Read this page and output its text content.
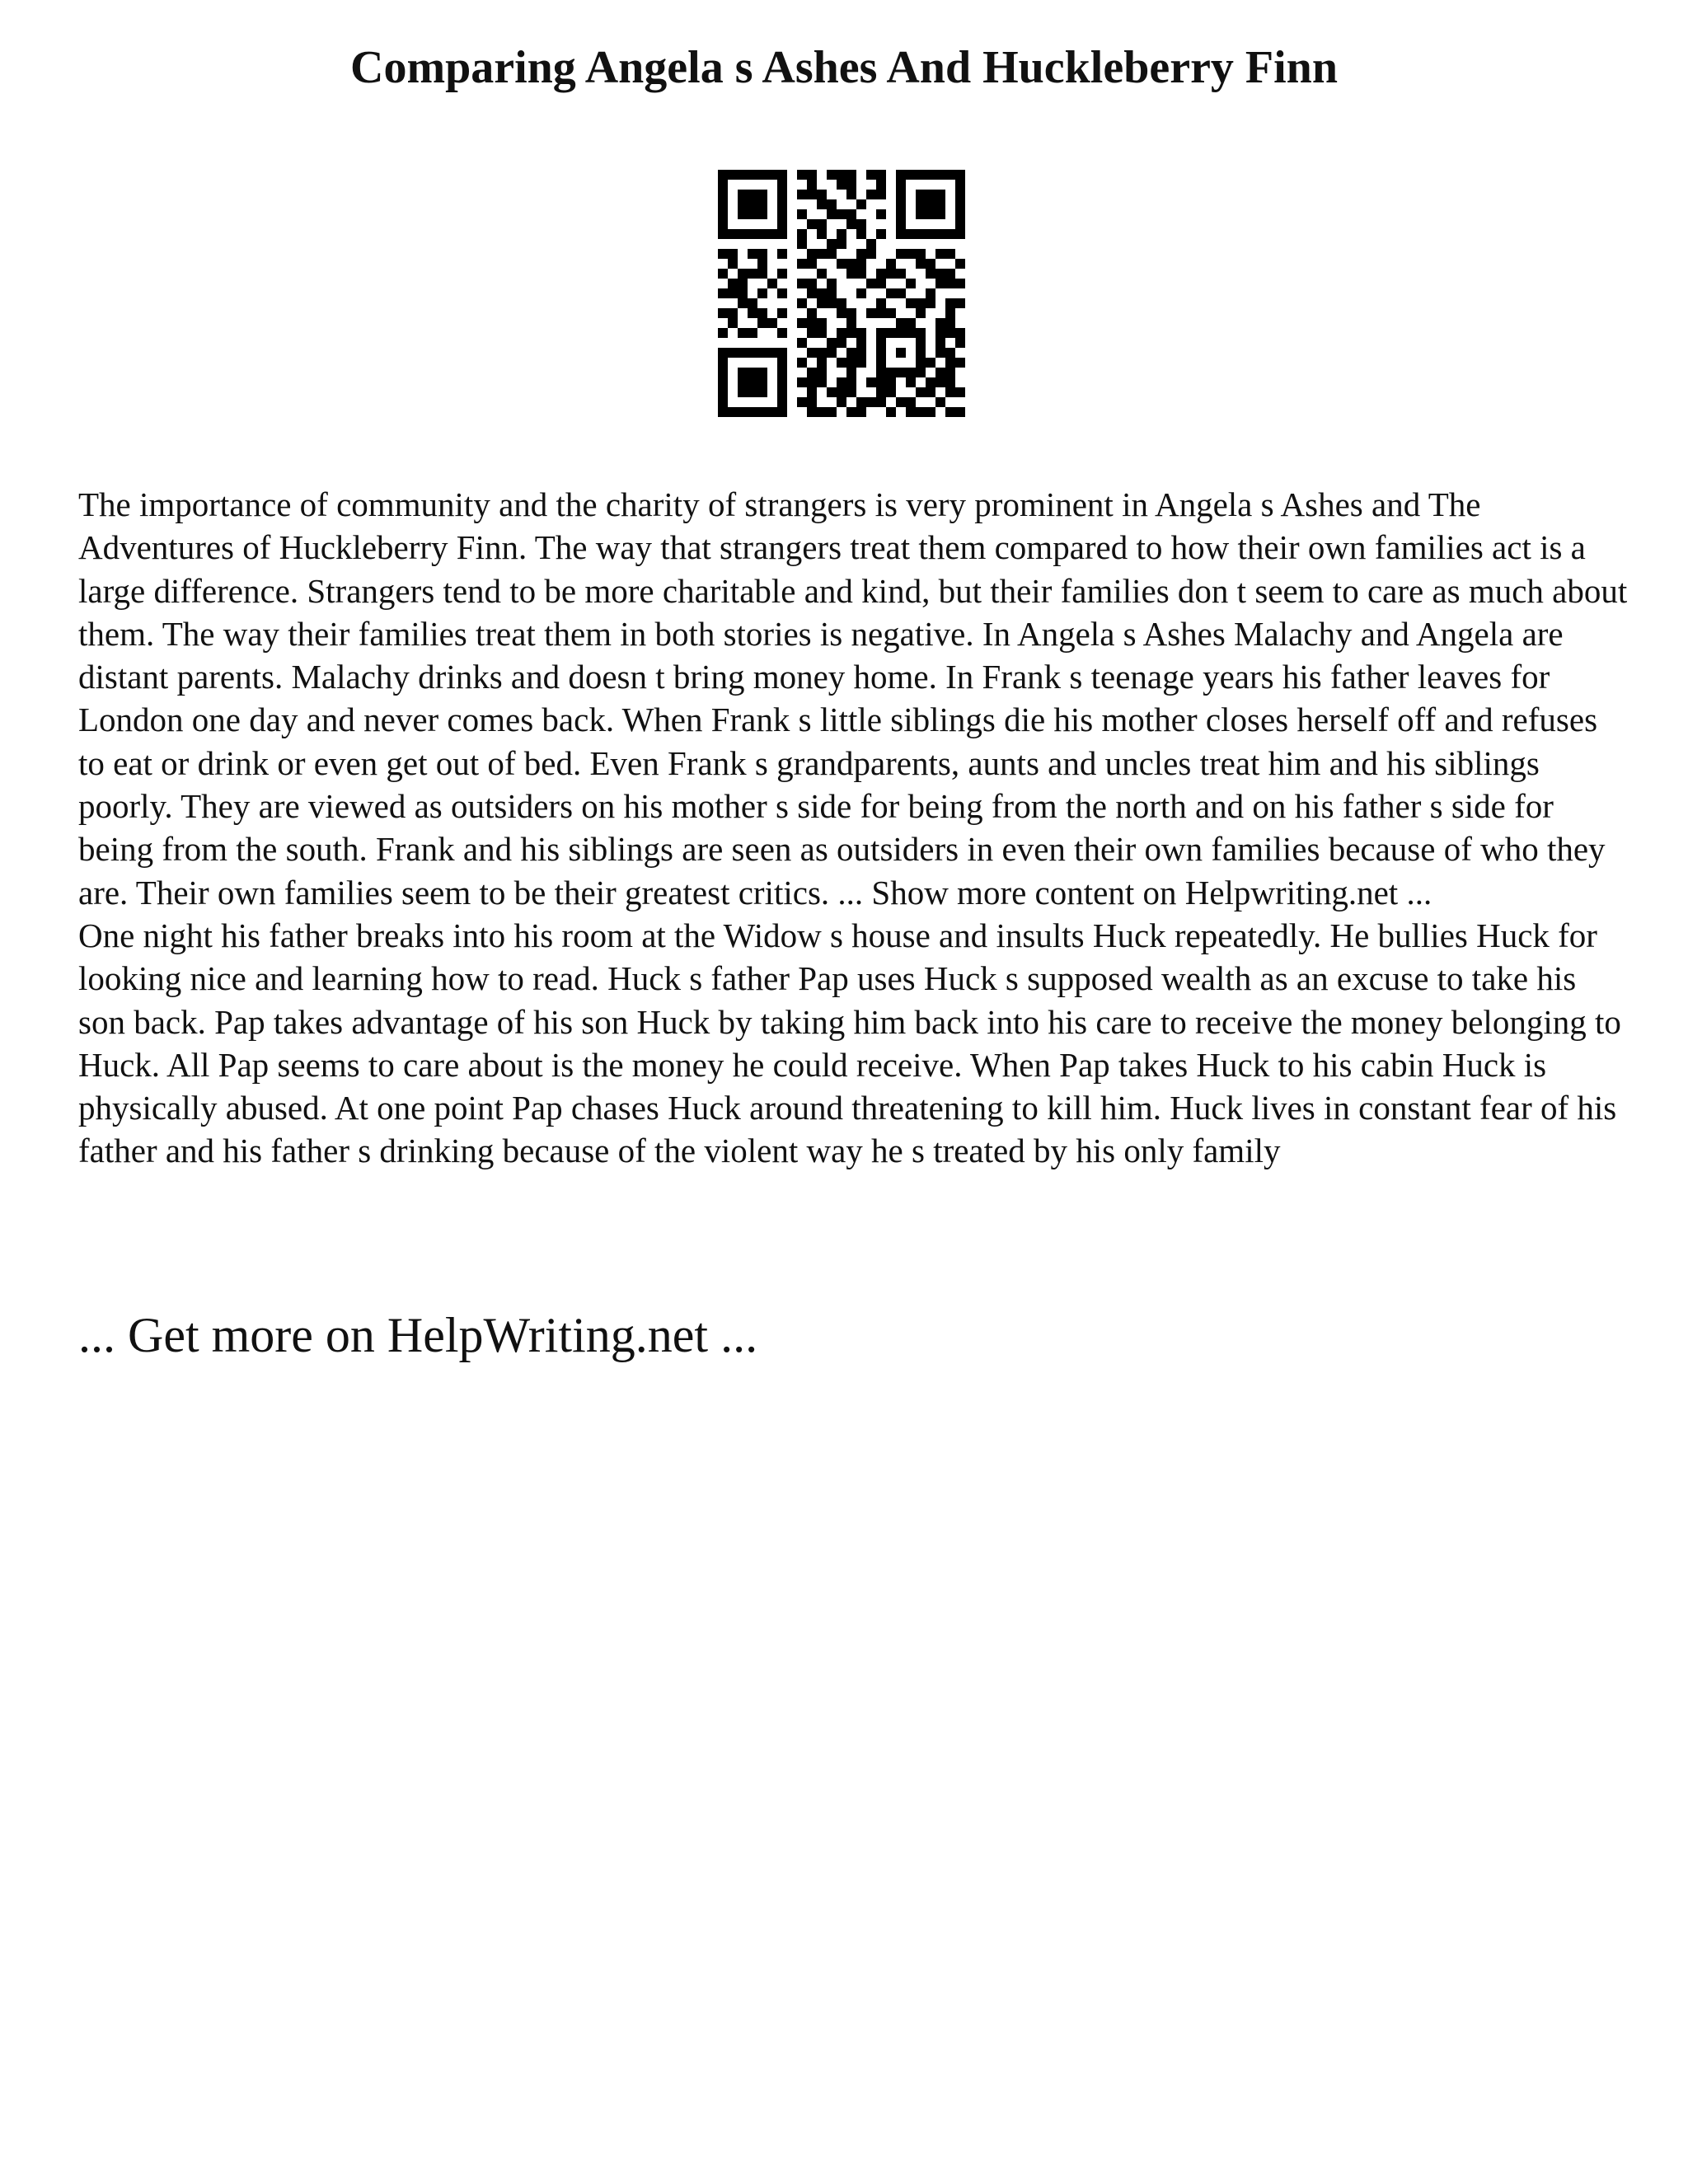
Comparing Angela s Ashes And Huckleberry Finn
The importance of community and the charity of strangers is very prominent in Angela s Ashes and The Adventures of Huckleberry Finn. The way that strangers treat them compared to how their own families act is a large difference. Strangers tend to be more charitable and kind, but their families don t seem to care as much about them. The way their families treat them in both stories is negative. In Angela s Ashes Malachy and Angela are distant parents. Malachy drinks and doesn t bring money home. In Frank s teenage years his father leaves for London one day and never comes back. When Frank s little siblings die his mother closes herself off and refuses to eat or drink or even get out of bed. Even Frank s grandparents, aunts and uncles treat him and his siblings poorly. They are viewed as outsiders on his mother s side for being from the north and on his father s side for being from the south. Frank and his siblings are seen as outsiders in even their own families because of who they are. Their own families seem to be their greatest critics. ... Show more content on Helpwriting.net ...
One night his father breaks into his room at the Widow s house and insults Huck repeatedly. He bullies Huck for looking nice and learning how to read. Huck s father Pap uses Huck s supposed wealth as an excuse to take his son back. Pap takes advantage of his son Huck by taking him back into his care to receive the money belonging to Huck. All Pap seems to care about is the money he could receive. When Pap takes Huck to his cabin Huck is physically abused. At one point Pap chases Huck around threatening to kill him. Huck lives in constant fear of his father and his father s drinking because of the violent way he s treated by his only family
... Get more on HelpWriting.net ...
